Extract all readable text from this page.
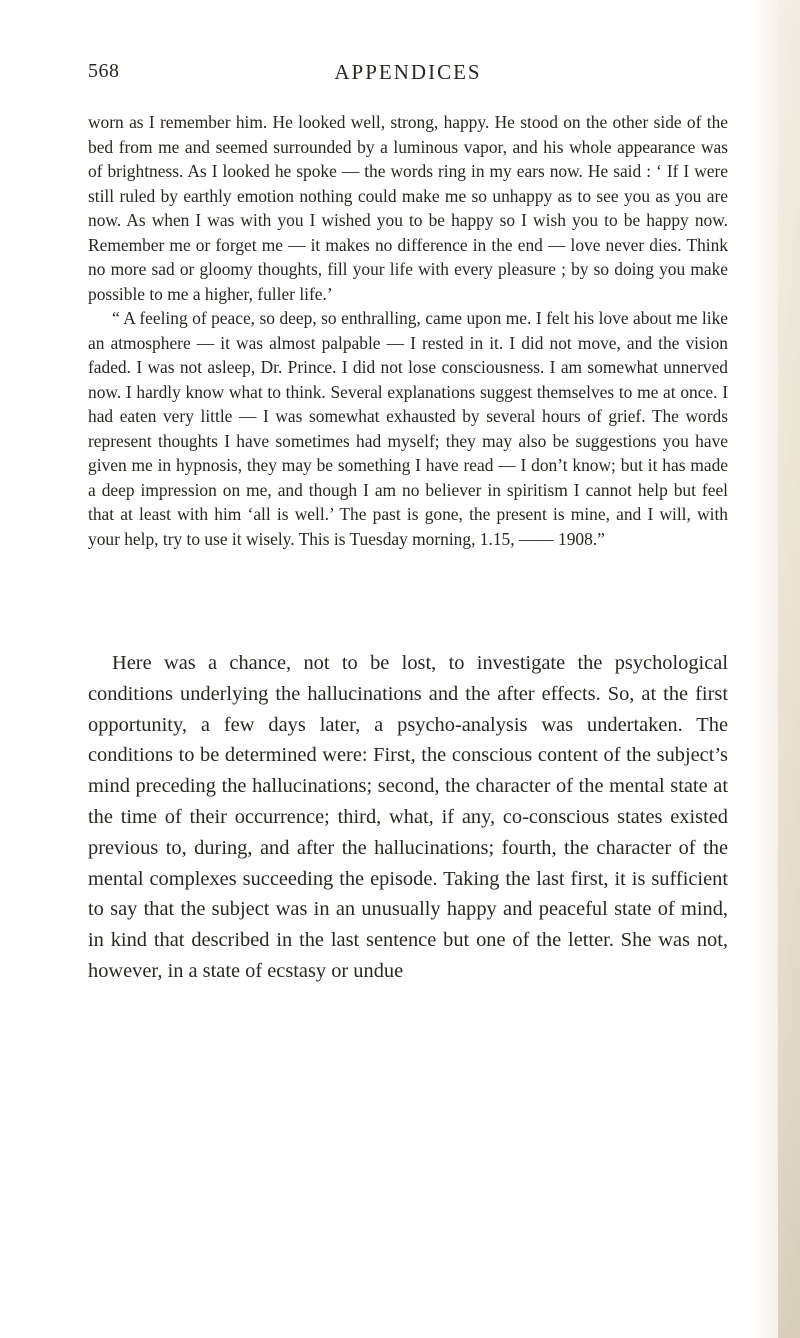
568	APPENDICES

worn as I remember him. He looked well, strong, happy. He stood on the other side of the bed from me and seemed surrounded by a luminous vapor, and his whole appearance was of brightness. As I looked he spoke — the words ring in my ears now. He said : ‘ If I were still ruled by earthly emotion nothing could make me so unhappy as to see you as you are now. As when I was with you I wished you to be happy so I wish you to be happy now. Remember me or forget me — it makes no difference in the end — love never dies. Think no more sad or gloomy thoughts, fill your life with every pleasure ; by so doing you make possible to me a higher, fuller life.’

“ A feeling of peace, so deep, so enthralling, came upon me. I felt his love about me like an atmosphere — it was almost palpable — I rested in it. I did not move, and the vision faded. I was not asleep, Dr. Prince. I did not lose consciousness. I am somewhat unnerved now. I hardly know what to think. Several explanations suggest themselves to me at once. I had eaten very little — I was somewhat exhausted by several hours of grief. The words represent thoughts I have sometimes had myself; they may also be suggestions you have given me in hypnosis, they may be something I have read — I don’t know; but it has made a deep impression on me, and though I am no believer in spiritism I cannot help but feel that at least with him ‘all is well.’ The past is gone, the present is mine, and I will, with your help, try to use it wisely. This is Tuesday morning, 1.15, —— 1908.”

Here was a chance, not to be lost, to investigate the psychological conditions underlying the hallucinations and the after effects. So, at the first opportunity, a few days later, a psycho-analysis was undertaken. The conditions to be determined were: First, the conscious content of the subject’s mind preceding the hallucinations; second, the character of the mental state at the time of their occurrence; third, what, if any, co-conscious states existed previous to, during, and after the hallucinations; fourth, the character of the mental complexes succeeding the episode. Taking the last first, it is sufficient to say that the subject was in an unusually happy and peaceful state of mind, in kind that described in the last sentence but one of the letter. She was not, however, in a state of ecstasy or undue
